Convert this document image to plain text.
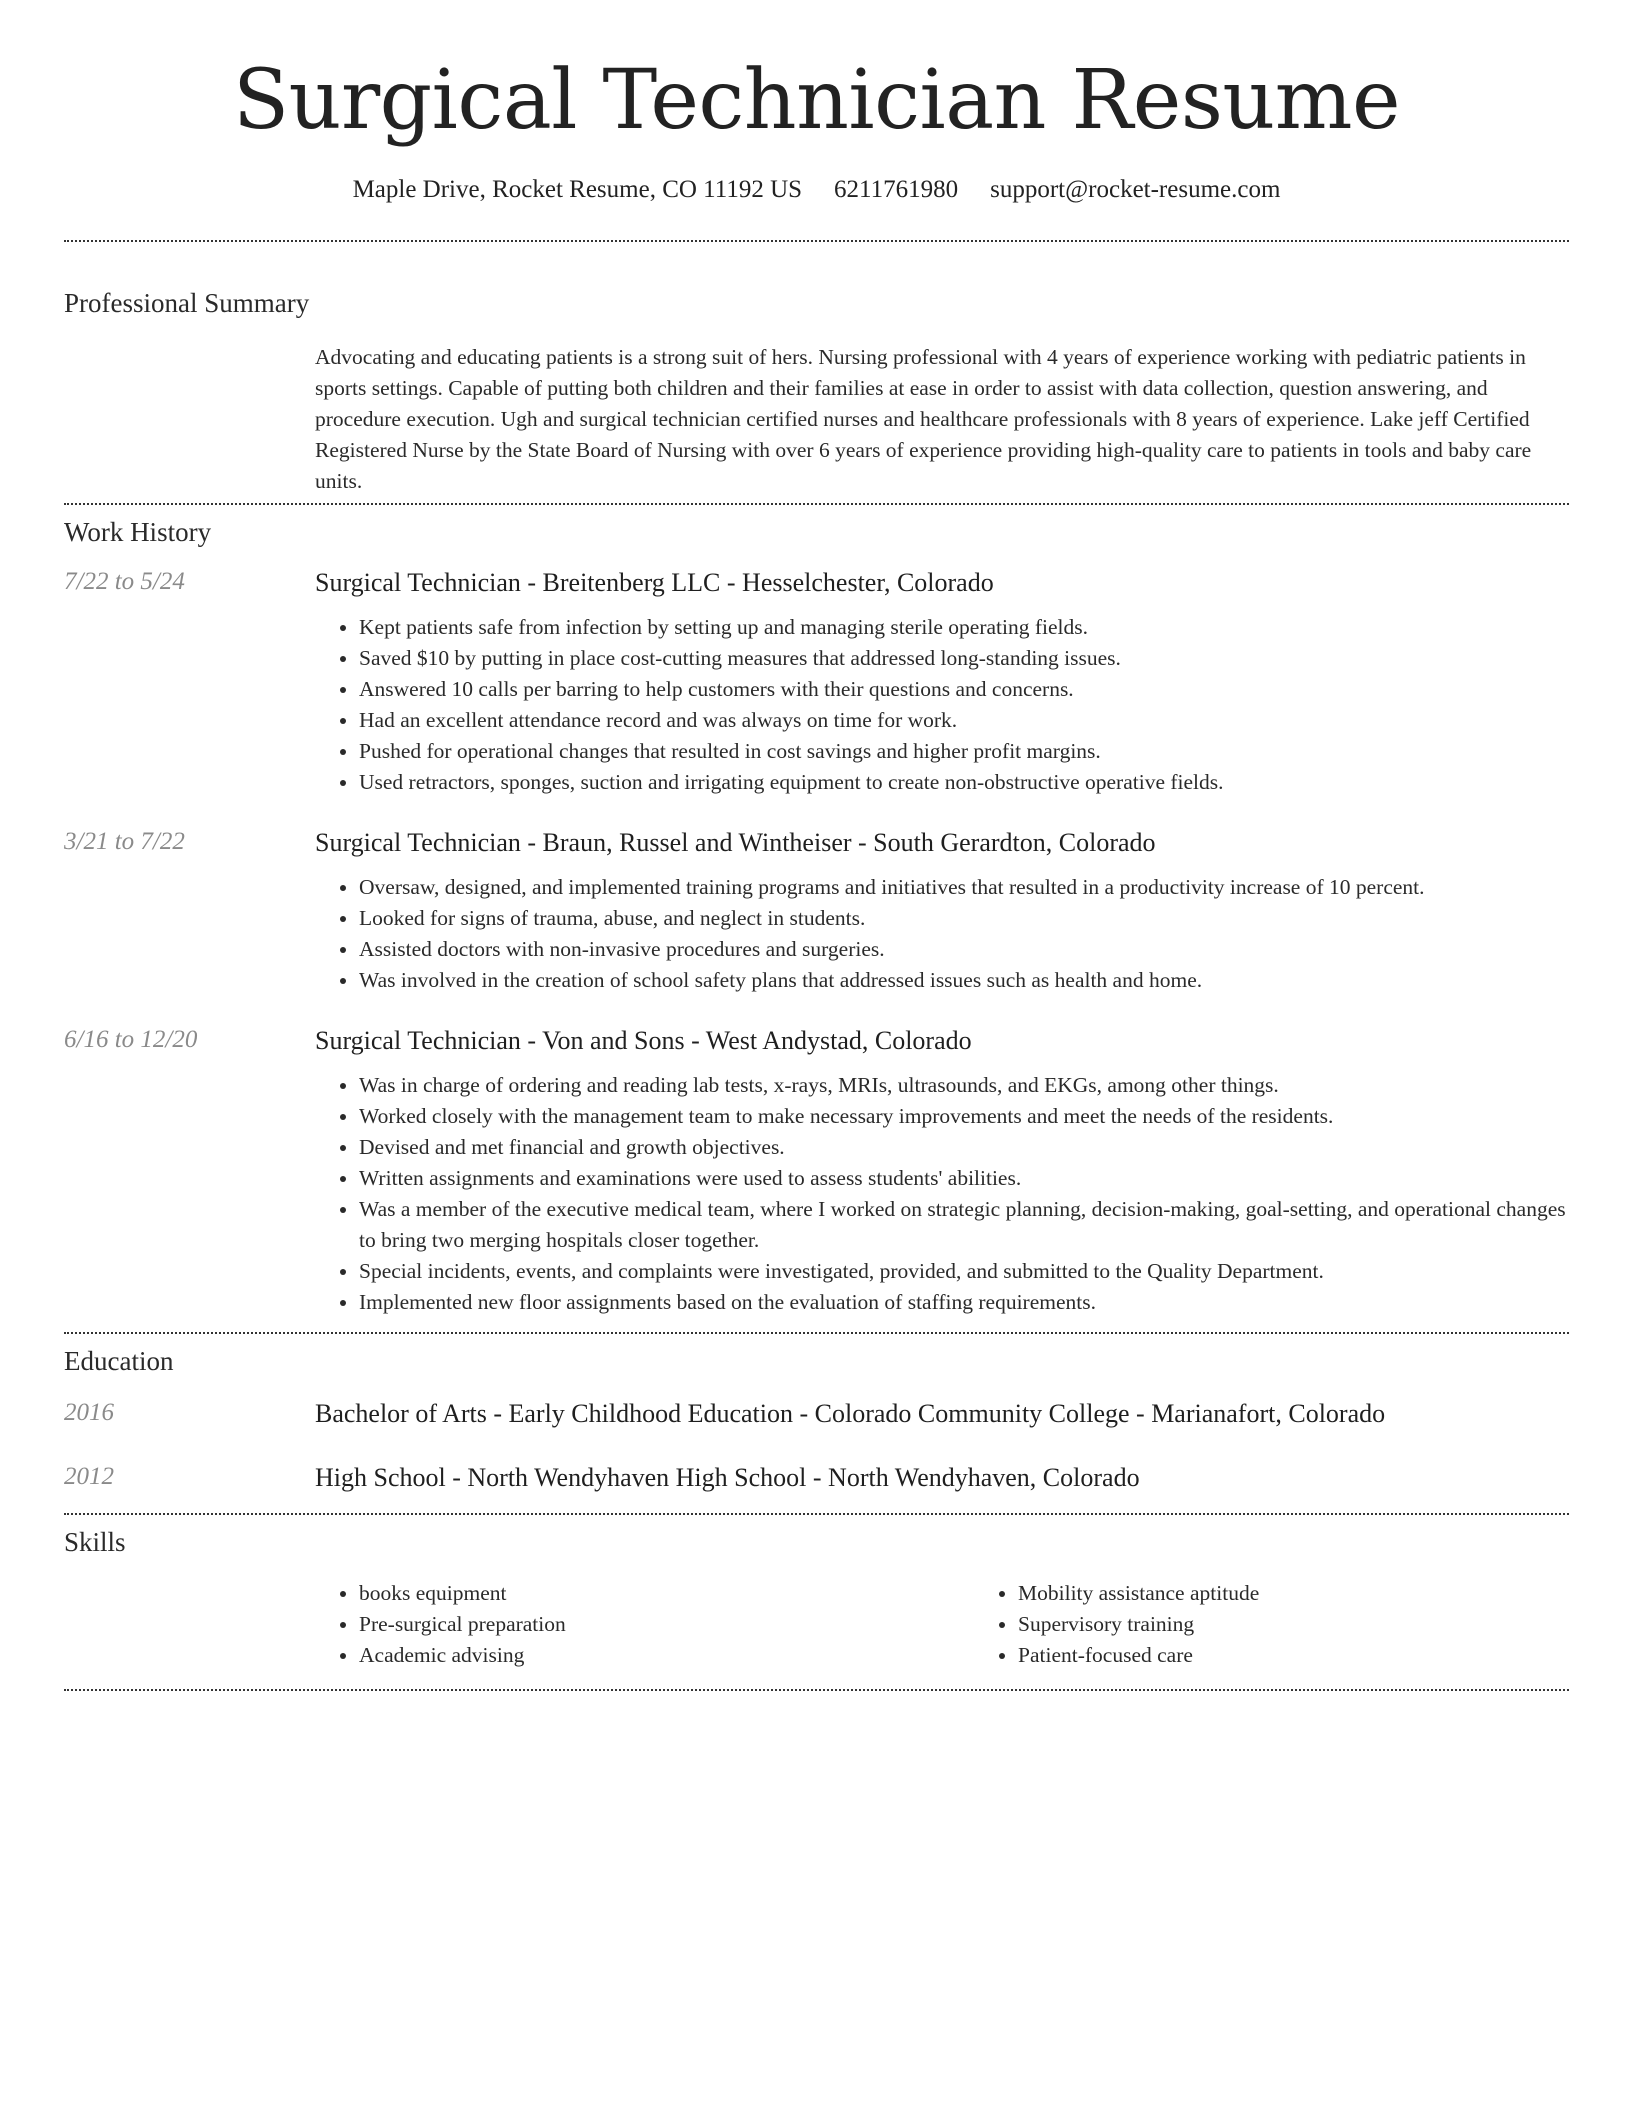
Surgical Technician Resume
Maple Drive, Rocket Resume, CO 11192 US 6211761980 support@rocket-resume.com
Professional Summary
Advocating and educating patients is a strong suit of hers. Nursing professional with 4 years of experience working with pediatric patients in sports settings. Capable of putting both children and their families at ease in order to assist with data collection, question answering, and procedure execution. Ugh and surgical technician certified nurses and healthcare professionals with 8 years of experience. Lake jeff Certified Registered Nurse by the State Board of Nursing with over 6 years of experience providing high-quality care to patients in tools and baby care units.
Work History
7/22 to 5/24	Surgical Technician - Breitenberg LLC - Hesselchester, Colorado
• Kept patients safe from infection by setting up and managing sterile operating fields.
• Saved $10 by putting in place cost-cutting measures that addressed long-standing issues.
• Answered 10 calls per barring to help customers with their questions and concerns.
• Had an excellent attendance record and was always on time for work.
• Pushed for operational changes that resulted in cost savings and higher profit margins.
• Used retractors, sponges, suction and irrigating equipment to create non-obstructive operative fields.
3/21 to 7/22	Surgical Technician - Braun, Russel and Wintheiser - South Gerardton, Colorado
• Oversaw, designed, and implemented training programs and initiatives that resulted in a productivity increase of 10 percent.
• Looked for signs of trauma, abuse, and neglect in students.
• Assisted doctors with non-invasive procedures and surgeries.
• Was involved in the creation of school safety plans that addressed issues such as health and home.
6/16 to 12/20	Surgical Technician - Von and Sons - West Andystad, Colorado
• Was in charge of ordering and reading lab tests, x-rays, MRIs, ultrasounds, and EKGs, among other things.
• Worked closely with the management team to make necessary improvements and meet the needs of the residents.
• Devised and met financial and growth objectives.
• Written assignments and examinations were used to assess students' abilities.
• Was a member of the executive medical team, where I worked on strategic planning, decision-making, goal-setting, and operational changes to bring two merging hospitals closer together.
• Special incidents, events, and complaints were investigated, provided, and submitted to the Quality Department.
• Implemented new floor assignments based on the evaluation of staffing requirements.
Education
2016	Bachelor of Arts - Early Childhood Education - Colorado Community College - Marianafort, Colorado
2012	High School - North Wendyhaven High School - North Wendyhaven, Colorado
Skills
• books equipment
• Pre-surgical preparation
• Academic advising
• Mobility assistance aptitude
• Supervisory training
• Patient-focused care
